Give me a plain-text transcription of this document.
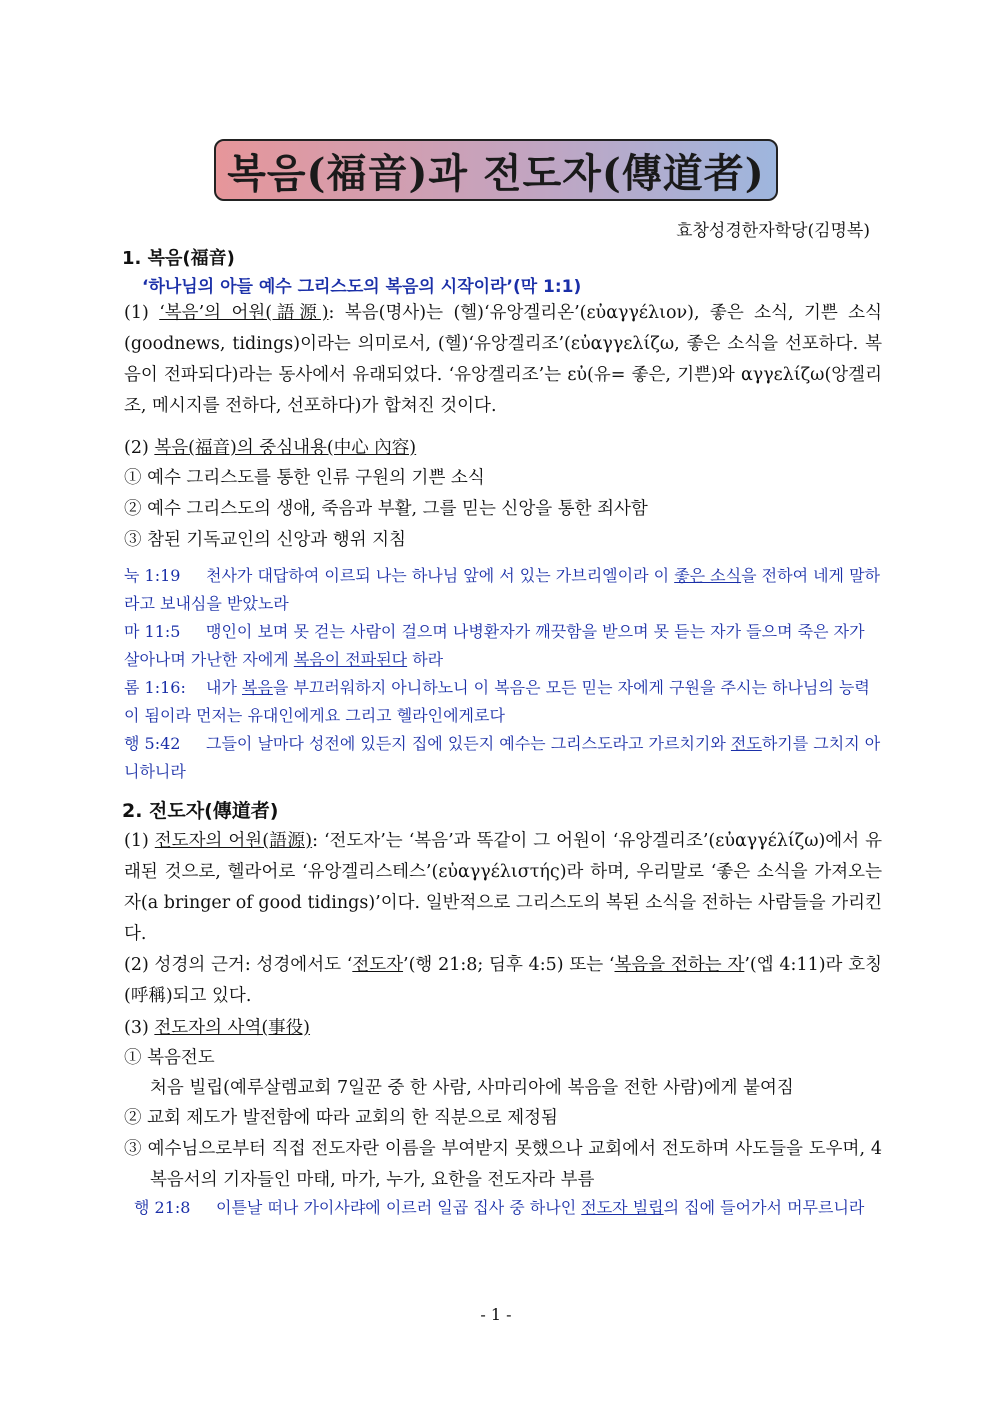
복음(福音)과 전도자(傳道者)
효창성경한자학당(김명복)
1. 복음(福音)
‘하나님의 아들 예수 그리스도의 복음의 시작이라’(막 1:1)
(1) ‘복음’의 어원(語源): 복음(명사)는 (헬)‘유앙겔리온’(εὐαγγέλιον), 좋은 소식, 기쁜 소식(goodnews, tidings)이라는 의미로서, (헬)‘유앙겔리조’(εὐαγγελίζω, 좋은 소식을 선포하다. 복음이 전파되다)라는 동사에서 유래되었다. ‘유앙겔리조’는 εὐ(유= 좋은, 기쁜)와 αγγελίζω(앙겔리조, 메시지를 전하다, 선포하다)가 합쳐진 것이다.
(2) 복음(福音)의 중심내용(中心 內容)
① 예수 그리스도를 통한 인류 구원의 기쁜 소식
② 예수 그리스도의 생애, 죽음과 부활, 그를 믿는 신앙을 통한 죄사함
③ 참된 기독교인의 신앙과 행위 지침
눅 1:19 천사가 대답하여 이르되 나는 하나님 앞에 서 있는 가브리엘이라 이 좋은 소식을 전하여 네게 말하라고 보내심을 받았노라
마 11:5 맹인이 보며 못 걷는 사람이 걸으며 나병환자가 깨끗함을 받으며 못 듣는 자가 들으며 죽은 자가 살아나며 가난한 자에게 복음이 전파된다 하라
롬 1:16: 내가 복음을 부끄러워하지 아니하노니 이 복음은 모든 믿는 자에게 구원을 주시는 하나님의 능력이 됨이라 먼저는 유대인에게요 그리고 헬라인에게로다
행 5:42 그들이 날마다 성전에 있든지 집에 있든지 예수는 그리스도라고 가르치기와 전도하기를 그치지 아니하니라
2. 전도자(傳道者)
(1) 전도자의 어원(語源): ‘전도자’는 ‘복음’과 똑같이 그 어원이 ‘유앙겔리조’(εὐαγγέλίζω)에서 유래된 것으로, 헬라어로 ‘유앙겔리스테스’(εὐαγγέλιστής)라 하며, 우리말로 ‘좋은 소식을 가져오는 자(a bringer of good tidings)’이다. 일반적으로 그리스도의 복된 소식을 전하는 사람들을 가리킨다.
(2) 성경의 근거: 성경에서도 ‘전도자’(행 21:8; 딤후 4:5) 또는 ‘복음을 전하는 자’(엡 4:11)라 호칭(呼稱)되고 있다.
(3) 전도자의 사역(事役)
① 복음전도
처음 빌립(예루살렘교회 7일꾼 중 한 사람, 사마리아에 복음을 전한 사람)에게 붙여짐
② 교회 제도가 발전함에 따라 교회의 한 직분으로 제정됨
③ 예수님으로부터 직접 전도자란 이름을 부여받지 못했으나 교회에서 전도하며 사도들을 도우며, 4복음서의 기자들인 마태, 마가, 누가, 요한을 전도자라 부름
행 21:8 이튿날 떠나 가이사랴에 이르러 일곱 집사 중 하나인 전도자 빌립의 집에 들어가서 머무르니라
- 1 -
